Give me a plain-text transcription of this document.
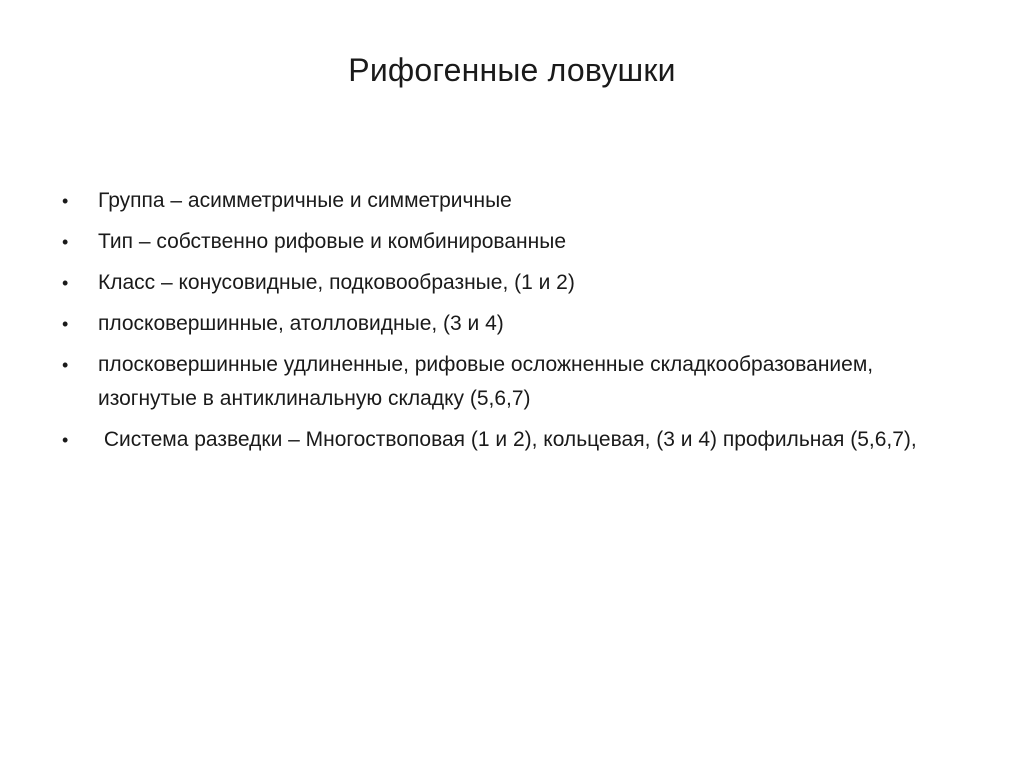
Рифогенные ловушки
•	Группа – асимметричные и симметричные
•	Тип – собственно рифовые и комбинированные
•	Класс – конусовидные, подковообразные, (1 и 2)
•	плосковершинные, атолловидные, (3 и 4)
•	плосковершинные удлиненные, рифовые осложненные складкообразованием, изогнутые в антиклинальную складку (5,6,7)
•	Система разведки – Многоствоповая (1 и 2), кольцевая, (3 и 4) профильная (5,6,7),
